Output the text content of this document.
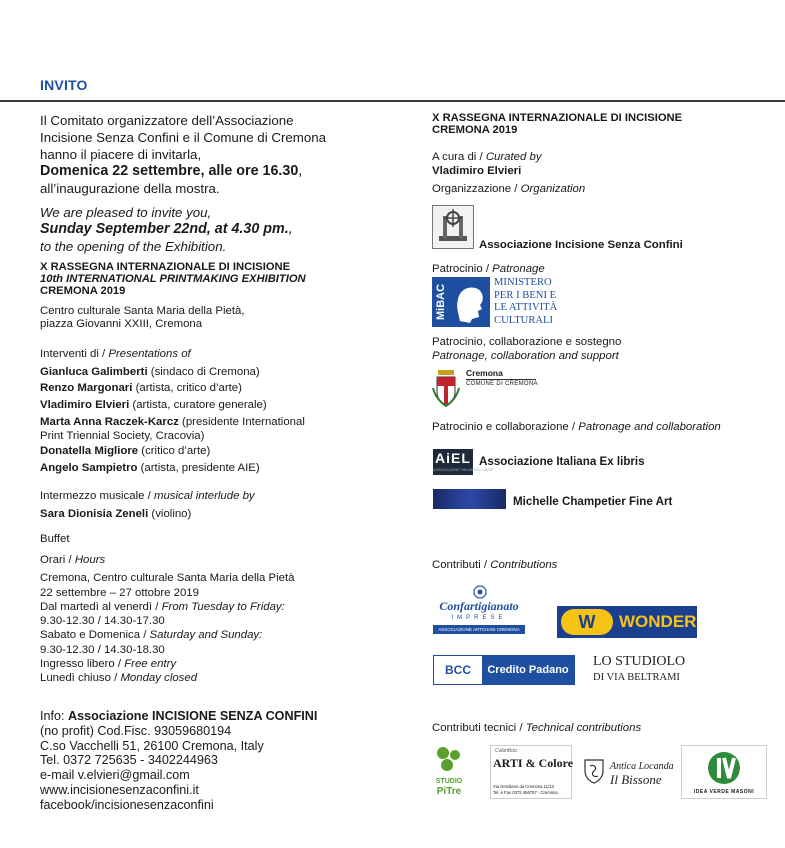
INVITO
Il Comitato organizzatore dell’Associazione
Incisione Senza Confini e il Comune di Cremona
hanno il piacere di invitarla,
Domenica 22 settembre, alle ore 16.30,
all’inaugurazione della mostra.
We are pleased to invite you,
Sunday September 22nd, at 4.30 pm.,
to the opening of the Exhibition.
X RASSEGNA INTERNAZIONALE DI INCISIONE
10th INTERNATIONAL PRINTMAKING EXHIBITION
CREMONA 2019
Centro culturale Santa Maria della Pietà,
piazza Giovanni XXIII, Cremona
Interventi di / Presentations of
Gianluca Galimberti (sindaco di Cremona)
Renzo Margonari (artista, critico d’arte)
Vladimiro Elvieri (artista, curatore generale)
Marta Anna Raczek-Karcz (presidente International
Print Triennial Society, Cracovia)
Donatella Migliore (critico d’arte)
Angelo Sampietro (artista, presidente AIE)
Intermezzo musicale / musical interlude by
Sara Dionisia Zeneli (violino)
Buffet
Orari / Hours
Cremona, Centro culturale Santa Maria della Pietà
22 settembre – 27 ottobre 2019
Dal martedì al venerdì / From Tuesday to Friday:
9.30-12.30 / 14.30-17.30
Sabato e Domenica / Saturday and Sunday:
9.30-12.30 / 14.30-18.30
Ingresso libero / Free entry
Lunedì chiuso / Monday closed
Info: Associazione INCISIONE SENZA CONFINI
(no profit) Cod.Fisc. 93059680194
C.so Vacchelli 51, 26100 Cremona, Italy
Tel. 0372 725635 - 3402244963
e-mail v.elvieri@gmail.com
www.incisionesenzaconfini.it
facebook/incisionesenzaconfini
X RASSEGNA INTERNAZIONALE DI INCISIONE
CREMONA 2019
A cura di / Curated by
Vladimiro Elvieri
Organizzazione / Organization
Associazione Incisione Senza Confini
Patrocinio / Patronage
MiBAC
MINISTERO
PER I BENI E
LE ATTIVITÀ
CULTURALI
Patrocinio, collaborazione e sostegno
Patronage, collaboration and support
Cremona
COMUNE DI CREMONA
Patrocinio e collaborazione / Patronage and collaboration
AiEL
ASSOCIAZIONE ITALIANA EX LIBRIS
Associazione Italiana Ex libris
Michelle Champetier Fine Art
Contributi / Contributions
Confartigianato
IMPRESE
ASSOCIAZIONE ARTIGIANI CREMONA	W	WONDER
BCC	Credito Padano
LO STUDIOLO
DI VIA BELTRAMI
Contributi tecnici / Technical contributions
STUDIO
PiTre
Colorificio
ARTI & Colore
Via Geroliano da Cremona 11/13
Tel. e Fax 0372.456787 - Cremona
Antica Locanda
Il Bissone
IDEA VERDE MASONI
